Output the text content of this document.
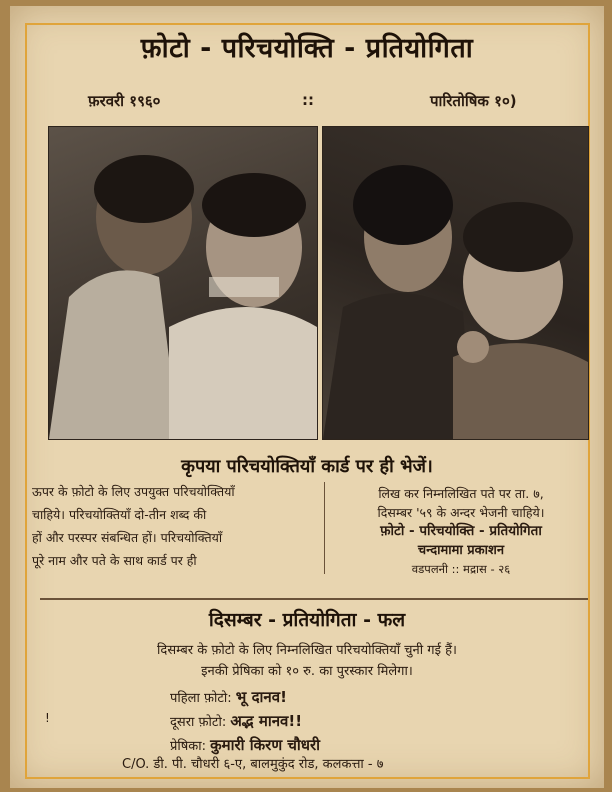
फ़ोटो - परिचयोक्ति - प्रतियोगिता
फ़रवरी १९६०	::	पारितोषिक १०)
कृपया परिचयोक्तियाँ कार्ड पर ही भेजें।
ऊपर के फ़ोटो के लिए उपयुक्त परिचयोक्तियाँ
चाहिये। परिचयोक्तियाँ दो-तीन शब्द की
हों और परस्पर संबन्धित हों। परिचयोक्तियाँ
पूरे नाम और पते के साथ कार्ड पर ही
लिख कर निम्नलिखित पते पर ता. ७,
दिसम्बर '५९ के अन्दर भेजनी चाहिये।
फ़ोटो - परिचयोक्ति - प्रतियोगिता
चन्दामामा प्रकाशन
वडपलनी :: मद्रास - २६
दिसम्बर - प्रतियोगिता - फल
दिसम्बर के फ़ोटो के लिए निम्नलिखित परिचयोक्तियाँ चुनी गई हैं।
इनकी प्रेषिका को १० रु. का पुरस्कार मिलेगा।
पहिला फ़ोटो: भू दानव!
दूसरा फ़ोटो: अद्भ मानव!!
प्रेषिका: कुमारी किरण चौधरी
!
C/O. डी. पी. चौधरी ६-ए, बालमुकुंद रोड, कलकत्ता - ७
